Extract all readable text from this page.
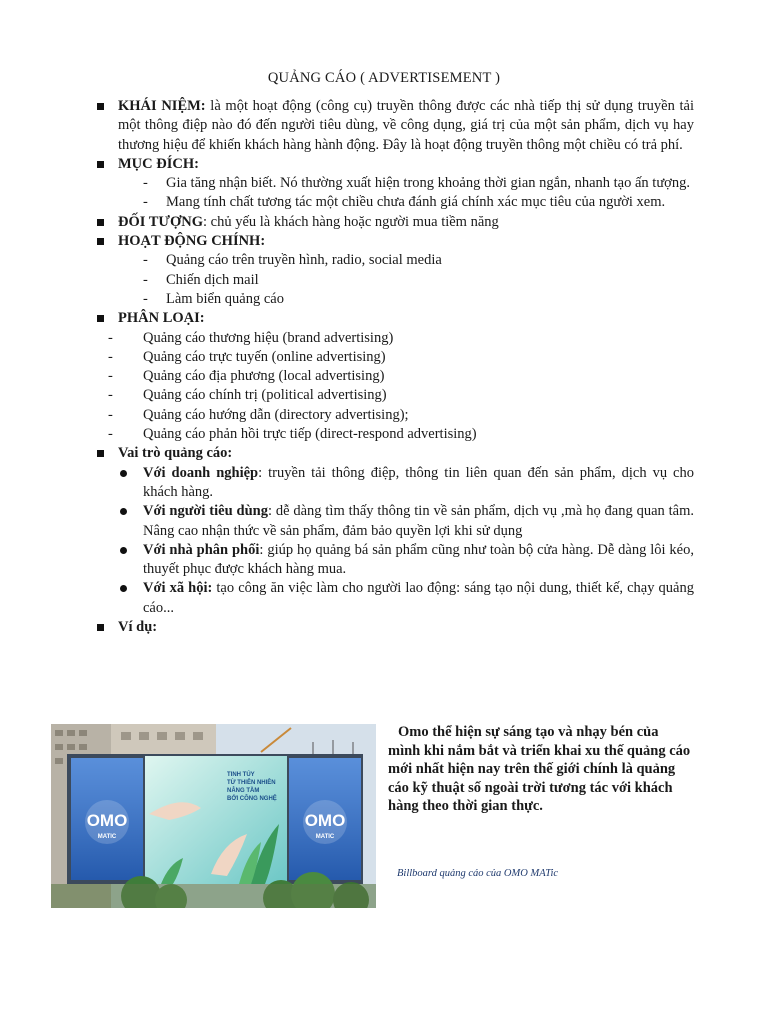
QUẢNG CÁO ( ADVERTISEMENT )
KHÁI NIỆM: là một hoạt động (công cụ) truyền thông được các nhà tiếp thị sử dụng truyền tải một thông điệp nào đó đến người tiêu dùng, về công dụng, giá trị của một sản phẩm, dịch vụ hay thương hiệu để khiến khách hàng hành động. Đây là hoạt động truyền thông một chiều có trả phí.
MỤC ĐÍCH:
- Gia tăng nhận biết. Nó thường xuất hiện trong khoảng thời gian ngắn, nhanh tạo ấn tượng.
- Mang tính chất tương tác một chiều chưa đánh giá chính xác mục tiêu của người xem.
ĐỐI TƯỢNG: chủ yếu là khách hàng hoặc người mua tiềm năng
HOẠT ĐỘNG CHÍNH:
- Quảng cáo trên truyền hình, radio, social media
- Chiến dịch mail
- Làm biển quảng cáo
PHÂN LOẠI:
- Quảng cáo thương hiệu (brand advertising)
- Quảng cáo trực tuyến (online advertising)
- Quảng cáo địa phương (local advertising)
- Quảng cáo chính trị (political advertising)
- Quảng cáo hướng dẫn (directory advertising);
- Quảng cáo phản hồi trực tiếp (direct-respond advertising)
Vai trò quảng cáo:
Với doanh nghiệp: truyền tải thông điệp, thông tin liên quan đến sản phẩm, dịch vụ cho khách hàng.
Với người tiêu dùng: dễ dàng tìm thấy thông tin về sản phẩm, dịch vụ ,mà họ đang quan tâm. Nâng cao nhận thức về sản phẩm, đảm bảo quyền lợi khi sử dụng
Với nhà phân phối: giúp họ quảng bá sản phẩm cũng như toàn bộ cửa hàng. Dễ dàng lôi kéo, thuyết phục được khách hàng mua.
Với xã hội: tạo công ăn việc làm cho người lao động: sáng tạo nội dung, thiết kế, chạy quảng cáo...
Ví dụ:
OMO
MATIC
OMO
MATIC
TINH TÚY
TỪ THIÊN NHIÊN
NÂNG TẦM
BỞI CÔNG NGHỆ
Omo thể hiện sự sáng tạo và nhạy bén của mình khi nắm bắt và triển khai xu thế quảng cáo mới nhất hiện nay trên thế giới chính là quảng cáo kỹ thuật số ngoài trời tương tác với khách hàng theo thời gian thực.
Billboard quảng cáo của OMO MATic
